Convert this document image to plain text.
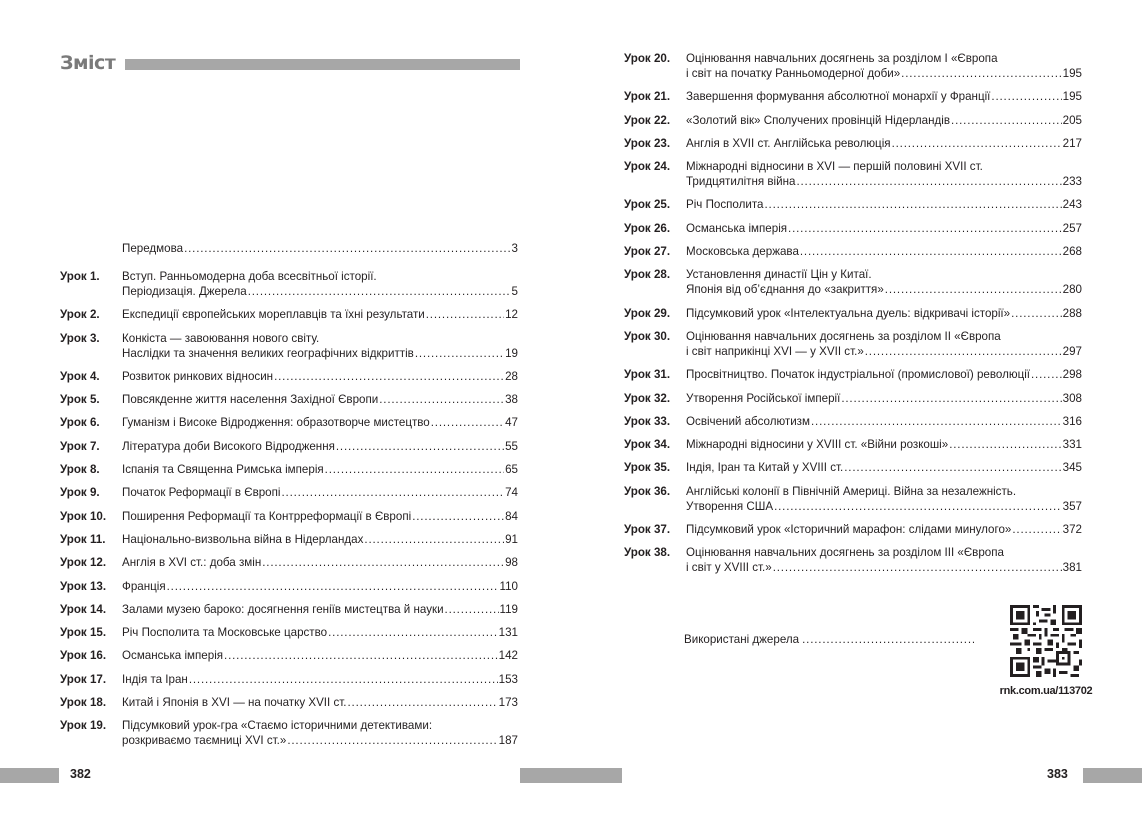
Зміст
Передмова . . .	3
Урок 1.	Вступ. Ранньомодерна доба всесвітньої історії.
Періодизація. Джерела . . .	5
Урок 2.	Експедиції європейських мореплавців та їхні результати . . .	12
Урок 3.	Конкіста — завоювання нового світу.
Наслідки та значення великих географічних відкриттів . . .	19
Урок 4.	Розвиток ринкових відносин . . .	28
Урок 5.	Повсякденне життя населення Західної Європи . . .	38
Урок 6.	Гуманізм і Високе Відродження: образотворче мистецтво . . .	47
Урок 7.	Література доби Високого Відродження . . .	55
Урок 8.	Іспанія та Священна Римська імперія . . .	65
Урок 9.	Початок Реформації в Європі . . .	74
Урок 10.	Поширення Реформації та Контрреформації в Європі . . .	84
Урок 11.	Національно-визвольна війна в Нідерландах . . .	91
Урок 12.	Англія в XVI ст.: доба змін . . .	98
Урок 13.	Франція . . .	110
Урок 14.	Залами музею бароко: досягнення геніїв мистецтва й науки . . .	119
Урок 15.	Річ Посполита та Московське царство . . .	131
Урок 16.	Османська імперія . . .	142
Урок 17.	Індія та Іран . . .	153
Урок 18.	Китай і Японія в XVI — на початку XVII ст. . . .	173
Урок 19.	Підсумковий урок-гра «Стаємо історичними детективами:
розкриваємо таємниці XVI ст.» . . .	187
382
Урок 20.	Оцінювання навчальних досягнень за розділом І «Європа
і світ на початку Ранньомодерної доби» . . .	195
Урок 21.	Завершення формування абсолютної монархії у Франції . . .	195
Урок 22.	«Золотий вік» Сполучених провінцій Нідерландів . . .	205
Урок 23.	Англія в XVII ст. Англійська революція . . .	217
Урок 24.	Міжнародні відносини в XVI — першій половині XVII ст.
Тридцятилітня війна . . .	233
Урок 25.	Річ Посполита . . .	243
Урок 26.	Османська імперія . . .	257
Урок 27.	Московська держава . . .	268
Урок 28.	Установлення династії Цін у Китаї.
Японія від об’єднання до «закриття» . . .	280
Урок 29.	Підсумковий урок «Інтелектуальна дуель: відкривачі історії» . . .	288
Урок 30.	Оцінювання навчальних досягнень за розділом ІІ «Європа
і світ наприкінці XVI — у XVII ст.» . . .	297
Урок 31.	Просвітництво. Початок індустріальної (промислової) революції . . .	298
Урок 32.	Утворення Російської імперії . . .	308
Урок 33.	Освічений абсолютизм . . .	316
Урок 34.	Міжнародні відносини у XVIII ст. «Війни розкоші» . . .	331
Урок 35.	Індія, Іран та Китай у XVIII ст. . . .	345
Урок 36.	Англійські колонії в Північній Америці. Війна за незалежність.
Утворення США . . .	357
Урок 37.	Підсумковий урок «Історичний марафон: слідами минулого» . . .	372
Урок 38.	Оцінювання навчальних досягнень за розділом ІІІ «Європа
і світ у XVIII ст.» . . .	381
Використані джерела
. . .
rnk.com.ua/113702
383
